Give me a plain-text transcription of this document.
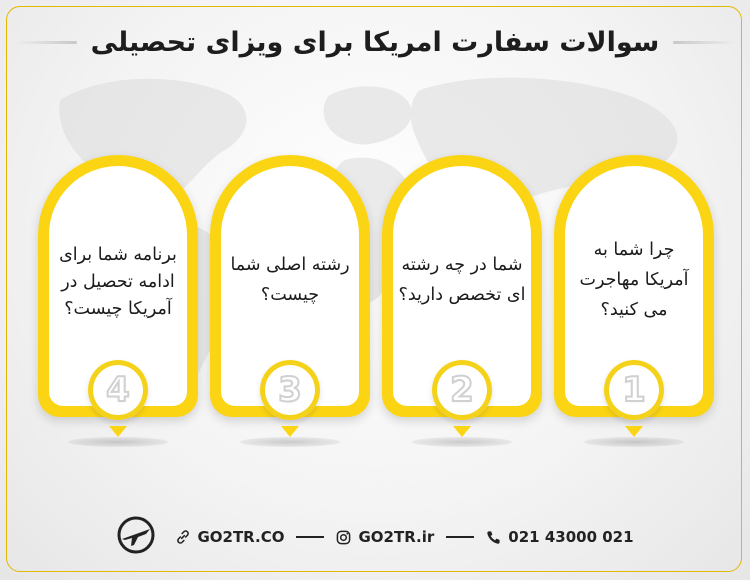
سوالات سفارت امریکا برای ویزای تحصیلی
برنامه شما برای ادامه تحصیل در آمریکا چیست؟
4
رشته اصلی شما چیست؟
3
شما در چه رشته ای تخصص دارید؟
2
چرا شما به آمریکا مهاجرت می کنید؟
1
GO2TR.CO	GO2TR.ir	021 43000 021
